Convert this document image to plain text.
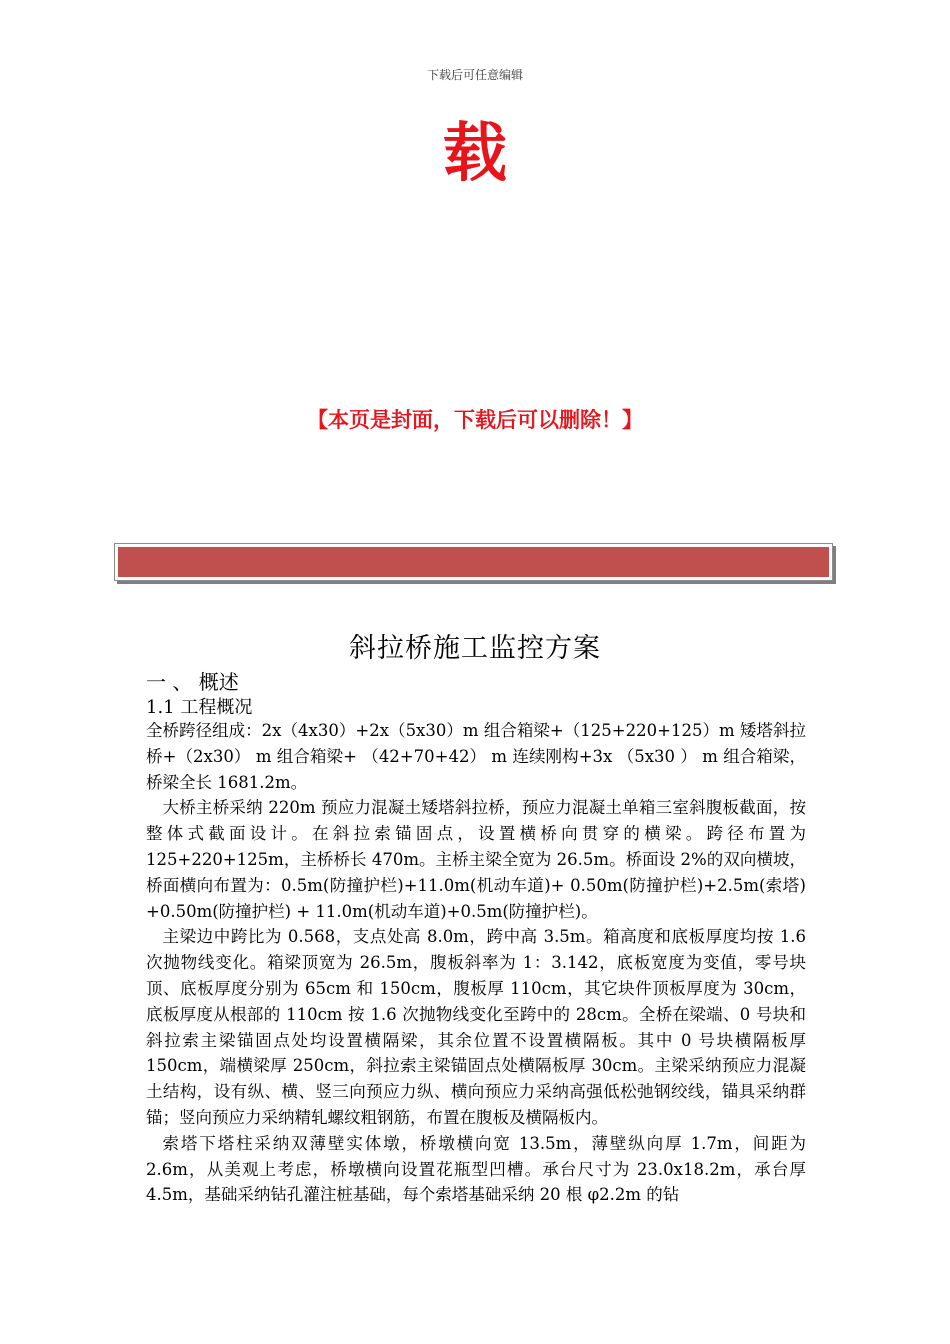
下载后可任意编辑
载
【本页是封面，下载后可以删除！】
斜拉桥施工监控方案
一 、 概述
1.1 工程概况

全桥跨径组成：2x（4x30）+2x（5x30）m 组合箱梁+（125+220+125）m 矮塔斜拉桥+（2x30） m 组合箱梁+ （42+70+42） m 连续刚构+3x （5x30 ） m 组合箱梁， 桥梁全长 1681.2m。

大桥主桥采纳 220m 预应力混凝土矮塔斜拉桥，预应力混凝土单箱三室斜腹板截面，按整体式截面设计。在斜拉索锚固点，设置横桥向贯穿的横梁。跨径布置为 125+220+125m，主桥桥长 470m。主桥主梁全宽为 26.5m。桥面设 2%的双向横坡，桥面横向布置为：0.5m(防撞护栏)+11.0m(机动车道)+ 0.50m(防撞护栏)+2.5m(索塔) +0.50m(防撞护栏) + 11.0m(机动车道)+0.5m(防撞护栏)。

主梁边中跨比为 0.568，支点处高 8.0m，跨中高 3.5m。箱高度和底板厚度均按 1.6 次抛物线变化。箱梁顶宽为 26.5m，腹板斜率为 1：3.142，底板宽度为变值，零号块顶、底板厚度分别为 65cm 和 150cm，腹板厚 110cm，其它块件顶板厚度为 30cm， 底板厚度从根部的 110cm 按 1.6 次抛物线变化至跨中的 28cm。全桥在梁端、0 号块和斜拉索主梁锚固点处均设置横隔梁，其余位置不设置横隔板。其中 0 号块横隔板厚 150cm，端横梁厚 250cm，斜拉索主梁锚固点处横隔板厚 30cm。主梁采纳预应力混凝土结构，设有纵、横、竖三向预应力纵、横向预应力采纳高强低松弛钢绞线，锚具采纳群锚；竖向预应力采纳精轧螺纹粗钢筋，布置在腹板及横隔板内。

索塔下塔柱采纳双薄壁实体墩，桥墩横向宽 13.5m，薄壁纵向厚 1.7m，间距为 2.6m，从美观上考虑，桥墩横向设置花瓶型凹槽。承台尺寸为 23.0x18.2m，承台厚 4.5m，基础采纳钻孔灌注桩基础，每个索塔基础采纳 20 根 φ2.2m 的钻
